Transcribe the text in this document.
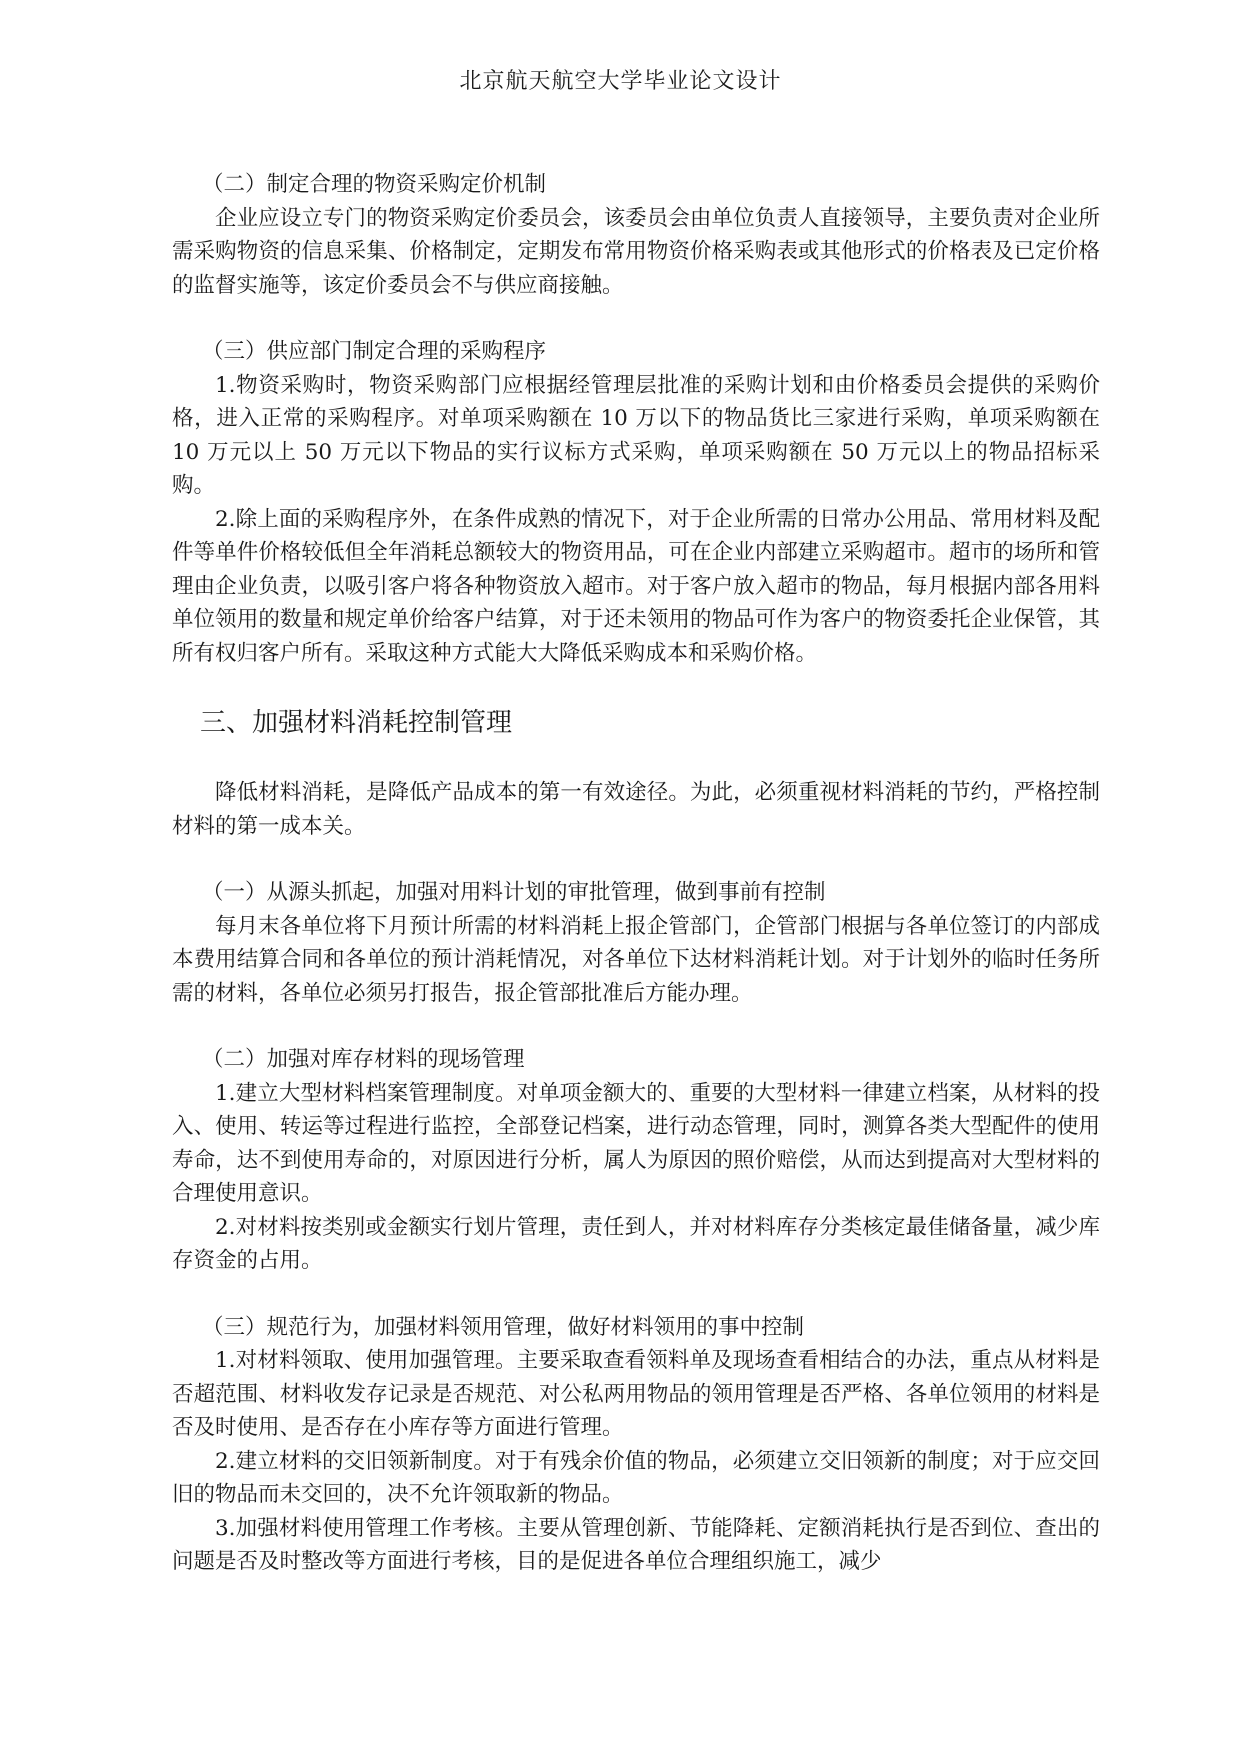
北京航天航空大学毕业论文设计
（二）制定合理的物资采购定价机制
企业应设立专门的物资采购定价委员会，该委员会由单位负责人直接领导，主要负责对企业所需采购物资的信息采集、价格制定，定期发布常用物资价格采购表或其他形式的价格表及已定价格的监督实施等，该定价委员会不与供应商接触。
（三）供应部门制定合理的采购程序
1.物资采购时，物资采购部门应根据经管理层批准的采购计划和由价格委员会提供的采购价格，进入正常的采购程序。对单项采购额在 10 万以下的物品货比三家进行采购，单项采购额在 10 万元以上 50 万元以下物品的实行议标方式采购，单项采购额在 50 万元以上的物品招标采购。
2.除上面的采购程序外，在条件成熟的情况下，对于企业所需的日常办公用品、常用材料及配件等单件价格较低但全年消耗总额较大的物资用品，可在企业内部建立采购超市。超市的场所和管理由企业负责，以吸引客户将各种物资放入超市。对于客户放入超市的物品，每月根据内部各用料单位领用的数量和规定单价给客户结算，对于还未领用的物品可作为客户的物资委托企业保管，其所有权归客户所有。采取这种方式能大大降低采购成本和采购价格。
三、加强材料消耗控制管理
降低材料消耗，是降低产品成本的第一有效途径。为此，必须重视材料消耗的节约，严格控制材料的第一成本关。
（一）从源头抓起，加强对用料计划的审批管理，做到事前有控制
每月末各单位将下月预计所需的材料消耗上报企管部门，企管部门根据与各单位签订的内部成本费用结算合同和各单位的预计消耗情况，对各单位下达材料消耗计划。对于计划外的临时任务所需的材料，各单位必须另打报告，报企管部批准后方能办理。
（二）加强对库存材料的现场管理
1.建立大型材料档案管理制度。对单项金额大的、重要的大型材料一律建立档案，从材料的投入、使用、转运等过程进行监控，全部登记档案，进行动态管理，同时，测算各类大型配件的使用寿命，达不到使用寿命的，对原因进行分析，属人为原因的照价赔偿，从而达到提高对大型材料的合理使用意识。
2.对材料按类别或金额实行划片管理，责任到人，并对材料库存分类核定最佳储备量，减少库存资金的占用。
（三）规范行为，加强材料领用管理，做好材料领用的事中控制
1.对材料领取、使用加强管理。主要采取查看领料单及现场查看相结合的办法，重点从材料是否超范围、材料收发存记录是否规范、对公私两用物品的领用管理是否严格、各单位领用的材料是否及时使用、是否存在小库存等方面进行管理。
2.建立材料的交旧领新制度。对于有残余价值的物品，必须建立交旧领新的制度；对于应交回旧的物品而未交回的，决不允许领取新的物品。
3.加强材料使用管理工作考核。主要从管理创新、节能降耗、定额消耗执行是否到位、查出的问题是否及时整改等方面进行考核，目的是促进各单位合理组织施工，减少
